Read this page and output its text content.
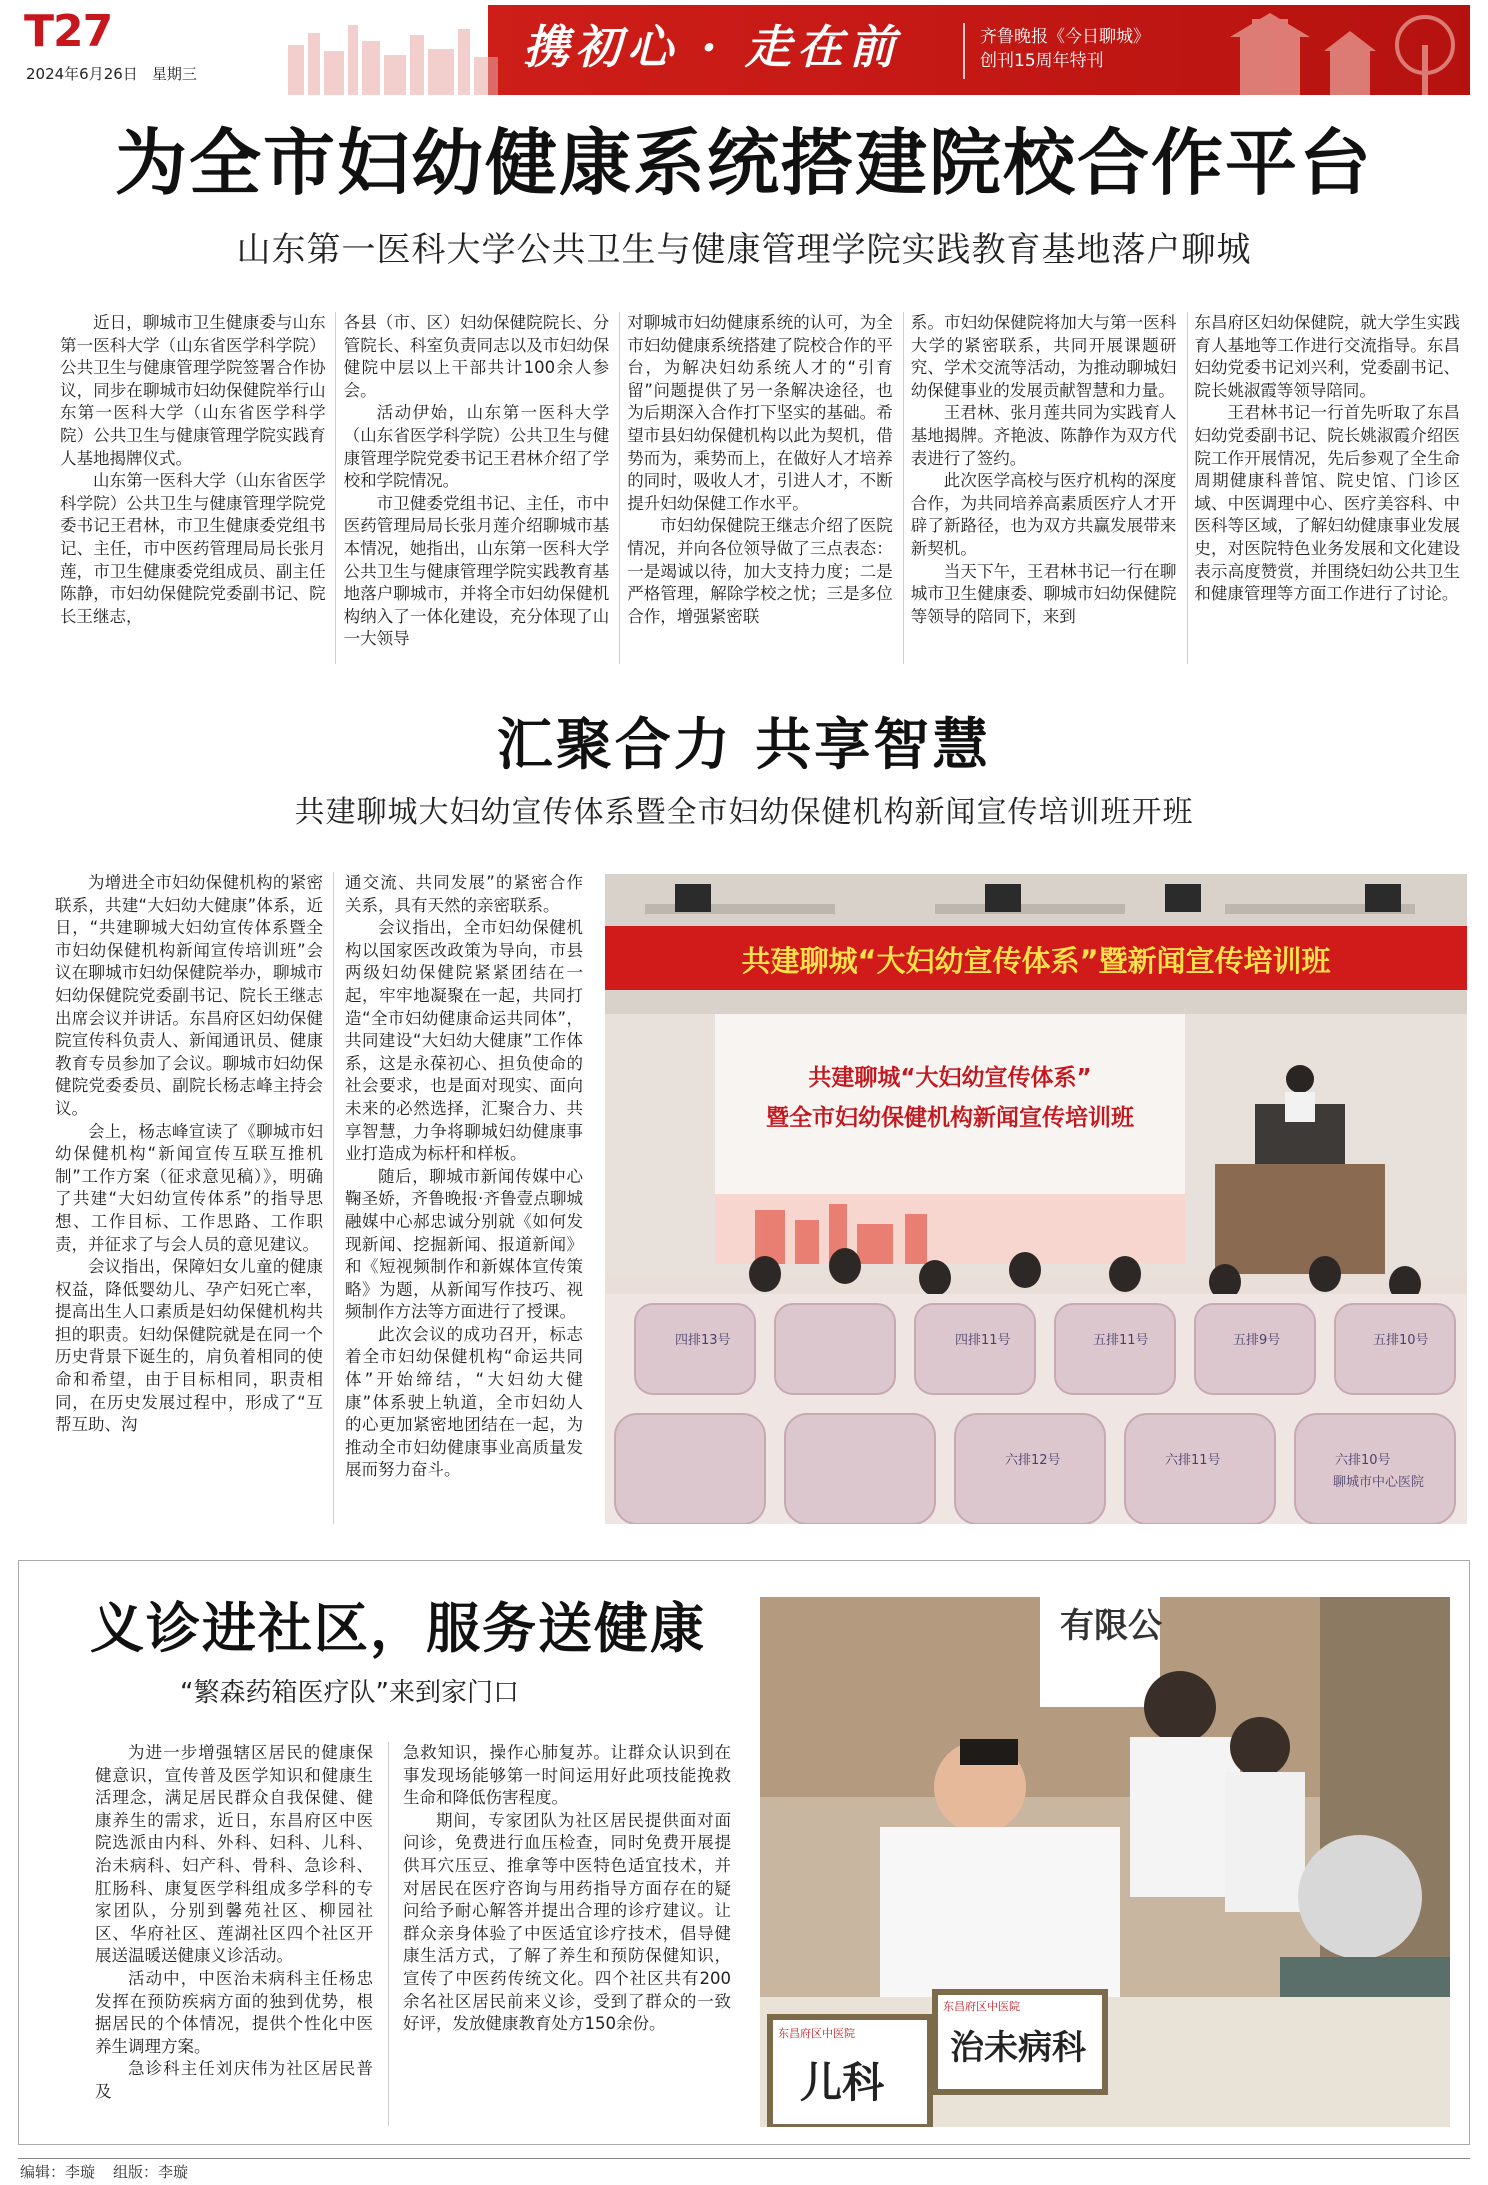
T27
2024年6月26日 星期三	携初心 · 走在前	齐鲁晚报《今日聊城》
创刊15周年特刊
为全市妇幼健康系统搭建院校合作平台
山东第一医科大学公共卫生与健康管理学院实践教育基地落户聊城

近日，聊城市卫生健康委与山东第一医科大学（山东省医学科学院）公共卫生与健康管理学院签署合作协议，同步在聊城市妇幼保健院举行山东第一医科大学（山东省医学科学院）公共卫生与健康管理学院实践育人基地揭牌仪式。

山东第一医科大学（山东省医学科学院）公共卫生与健康管理学院党委书记王君林，市卫生健康委党组书记、主任，市中医药管理局局长张月莲，市卫生健康委党组成员、副主任陈静，市妇幼保健院党委副书记、院长王继志，

各县（市、区）妇幼保健院院长、分管院长、科室负责同志以及市妇幼保健院中层以上干部共计100余人参会。

活动伊始，山东第一医科大学（山东省医学科学院）公共卫生与健康管理学院党委书记王君林介绍了学校和学院情况。

市卫健委党组书记、主任，市中医药管理局局长张月莲介绍聊城市基本情况，她指出，山东第一医科大学公共卫生与健康管理学院实践教育基地落户聊城市，并将全市妇幼保健机构纳入了一体化建设，充分体现了山一大领导

对聊城市妇幼健康系统的认可，为全市妇幼健康系统搭建了院校合作的平台，为解决妇幼系统人才的“引育留”问题提供了另一条解决途径，也为后期深入合作打下坚实的基础。希望市县妇幼保健机构以此为契机，借势而为，乘势而上，在做好人才培养的同时，吸收人才，引进人才，不断提升妇幼保健工作水平。

市妇幼保健院王继志介绍了医院情况，并向各位领导做了三点表态：一是竭诚以待，加大支持力度；二是严格管理，解除学校之忧；三是多位合作，增强紧密联

系。市妇幼保健院将加大与第一医科大学的紧密联系，共同开展课题研究、学术交流等活动，为推动聊城妇幼保健事业的发展贡献智慧和力量。

王君林、张月莲共同为实践育人基地揭牌。齐艳波、陈静作为双方代表进行了签约。

此次医学高校与医疗机构的深度合作，为共同培养高素质医疗人才开辟了新路径，也为双方共赢发展带来新契机。

当天下午，王君林书记一行在聊城市卫生健康委、聊城市妇幼保健院等领导的陪同下，来到

东昌府区妇幼保健院，就大学生实践育人基地等工作进行交流指导。东昌妇幼党委书记刘兴利，党委副书记、院长姚淑霞等领导陪同。

王君林书记一行首先听取了东昌妇幼党委副书记、院长姚淑霞介绍医院工作开展情况，先后参观了全生命周期健康科普馆、院史馆、门诊区域、中医调理中心、医疗美容科、中医科等区域，了解妇幼健康事业发展史，对医院特色业务发展和文化建设表示高度赞赏，并围绕妇幼公共卫生和健康管理等方面工作进行了讨论。

汇聚合力 共享智慧
共建聊城大妇幼宣传体系暨全市妇幼保健机构新闻宣传培训班开班

为增进全市妇幼保健机构的紧密联系，共建“大妇幼大健康”体系，近日，“共建聊城大妇幼宣传体系暨全市妇幼保健机构新闻宣传培训班”会议在聊城市妇幼保健院举办，聊城市妇幼保健院党委副书记、院长王继志出席会议并讲话。东昌府区妇幼保健院宣传科负责人、新闻通讯员、健康教育专员参加了会议。聊城市妇幼保健院党委委员、副院长杨志峰主持会议。

会上，杨志峰宣读了《聊城市妇幼保健机构“新闻宣传互联互推机制”工作方案（征求意见稿）》，明确了共建“大妇幼宣传体系”的指导思想、工作目标、工作思路、工作职责，并征求了与会人员的意见建议。

会议指出，保障妇女儿童的健康权益，降低婴幼儿、孕产妇死亡率，提高出生人口素质是妇幼保健机构共担的职责。妇幼保健院就是在同一个历史背景下诞生的，肩负着相同的使命和希望，由于目标相同，职责相同，在历史发展过程中，形成了“互帮互助、沟

通交流、共同发展”的紧密合作关系，具有天然的亲密联系。

会议指出，全市妇幼保健机构以国家医改政策为导向，市县两级妇幼保健院紧紧团结在一起，牢牢地凝聚在一起，共同打造“全市妇幼健康命运共同体”，共同建设“大妇幼大健康”工作体系，这是永葆初心、担负使命的社会要求，也是面对现实、面向未来的必然选择，汇聚合力、共享智慧，力争将聊城妇幼健康事业打造成为标杆和样板。

随后，聊城市新闻传媒中心鞠圣娇，齐鲁晚报·齐鲁壹点聊城融媒中心郝忠诚分别就《如何发现新闻、挖掘新闻、报道新闻》和《短视频制作和新媒体宣传策略》为题，从新闻写作技巧、视频制作方法等方面进行了授课。

此次会议的成功召开，标志着全市妇幼保健机构“命运共同体”开始缔结，“大妇幼大健康”体系驶上轨道，全市妇幼人的心更加紧密地团结在一起，为推动全市妇幼健康事业高质量发展而努力奋斗。

共建聊城“大妇幼宣传体系”暨新闻宣传培训班
共建聊城“大妇幼宣传体系”
暨全市妇幼保健机构新闻宣传培训班
四排13号	四排11号	五排11号	五排9号	五排10号
六排12号	六排11号	六排10号
聊城市中心医院
义诊进社区，服务送健康
“繁森药箱医疗队”来到家门口

为进一步增强辖区居民的健康保健意识，宣传普及医学知识和健康生活理念，满足居民群众自我保健、健康养生的需求，近日，东昌府区中医院选派由内科、外科、妇科、儿科、治未病科、妇产科、骨科、急诊科、肛肠科、康复医学科组成多学科的专家团队，分别到馨苑社区、柳园社区、华府社区、莲湖社区四个社区开展送温暖送健康义诊活动。

活动中，中医治未病科主任杨忠发挥在预防疾病方面的独到优势，根据居民的个体情况，提供个性化中医养生调理方案。

急诊科主任刘庆伟为社区居民普及

急救知识，操作心肺复苏。让群众认识到在事发现场能够第一时间运用好此项技能挽救生命和降低伤害程度。

期间，专家团队为社区居民提供面对面问诊，免费进行血压检查，同时免费开展提供耳穴压豆、推拿等中医特色适宜技术，并对居民在医疗咨询与用药指导方面存在的疑问给予耐心解答并提出合理的诊疗建议。让群众亲身体验了中医适宜诊疗技术，倡导健康生活方式，了解了养生和预防保健知识，宣传了中医药传统文化。四个社区共有200余名社区居民前来义诊，受到了群众的一致好评，发放健康教育处方150余份。

有限公
儿科
东昌府区中医院	治未病科
东昌府区中医院
编辑：李璇 组版：李璇
